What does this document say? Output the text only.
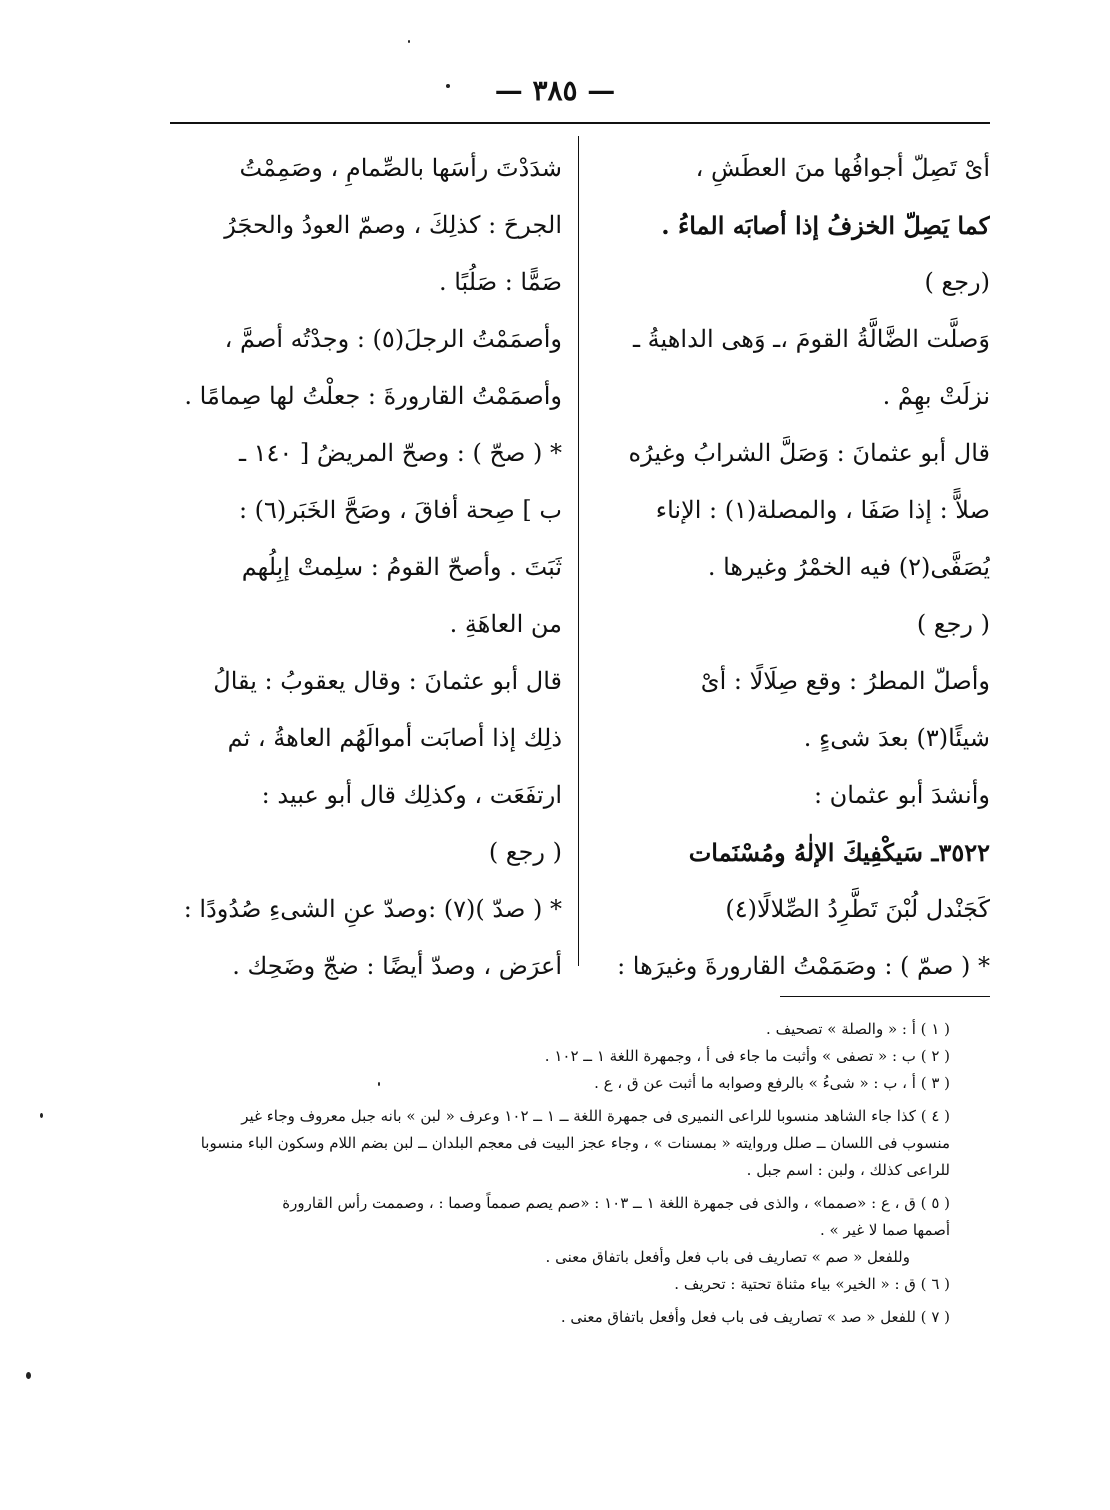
— ٣٨٥ —
أىْ تَصِلّ أجوافُها منَ العطَشِ ،
كما يَصِلّ الخزفُ إذا أصابَه الماءُ .
(رجع )
وَصلَّت الضَّالَّةُ القومَ ،ـ وَهى الداهيةُ ـ
نزلَتْ بهِمْ .
قال أبو عثمانَ : وَصَلَّ الشرابُ وغيرُه
صلاًّ : إذا صَفَا ، والمصلة(١) : الإناء
يُصَفَّى(٢) فيه الخمْرُ وغيرها .
( رجع )
وأصلّ المطرُ : وقع صِلَالًا : أىْ
شيئًا(٣) بعدَ شىءٍ .
وأنشدَ أبو عثمان :
٣٥٢٢ـ سَيكْفِيكَ الإلٰهُ ومُسْنَمات
كَجَنْدل لُبْنَ تَطَّرِدُ الصِّلالًا(٤)
* ( صمّ ) : وصَمَمْتُ القارورةَ وغيرَها :
شدَدْتَ رأسَها بالصِّمامِ ، وصَمِمْتُ
الجرحَ : كذلِكَ ، وصمّ العودُ والحجَرُ
صَمًّا : صَلُبًا .
وأصمَمْتُ الرجلَ(٥) : وجدْتُه أصمَّ ،
وأصمَمْتُ القارورةَ : جعلْتُ لها صِمامًا .
* ( صحّ ) : وصحّ المريضُ [ ١٤٠ ـ
ب ] صِحة أفاقَ ، وصَحَّ الخَبَر(٦) :
ثَبَتَ . وأصحّ القومُ : سلِمتْ إبِلُهم
من العاهَةِ .
قال أبو عثمانَ : وقال يعقوبُ : يقالُ
ذلِك إذا أصابَت أموالَهُم العاهةُ ، ثم
ارتفَعَت ، وكذلِك قال أبو عبيد :
( رجع )
* ( صدّ )(٧) :وصدّ عنِ الشىءِ صُدُودًا :
أعرَض ، وصدّ أيضًا : ضجّ وضَحِك .
( ١ ) أ : « والصلة » تصحيف .
( ٢ ) ب : « تصفى » وأثبت ما جاء فى أ ، وجمهرة اللغة ١ ــ ١٠٢ .
( ٣ ) أ ، ب : « شىءُ » بالرفع وصوابه ما أثبت عن ق ، ع .
( ٤ ) كذا جاء الشاهد منسوبا للراعى النميرى فى جمهرة اللغة ــ ١ ــ ١٠٢ وعرف « لبن » بانه جبل معروف وجاء غير
منسوب فى اللسان ــ صلل وروايته « بمسنات » ، وجاء عجز البيت فى معجم البلدان ــ لبن بضم اللام وسكون الباء منسوبا
للراعى كذلك ، ولبن : اسم جبل .
( ٥ ) ق ، ع : «صمما» ، والذى فى جمهرة اللغة ١ ــ ١٠٣ : «صم يصم صمماً وصما : ، وصممت رأس القارورة
أصمها صما لا غير » .
وللفعل « صم » تصاريف فى باب فعل وأفعل باتفاق معنى .
( ٦ ) ق : « الخير» بياء مثناة تحتية : تحريف .
( ٧ ) للفعل « صد » تصاريف فى باب فعل وأفعل باتفاق معنى .
